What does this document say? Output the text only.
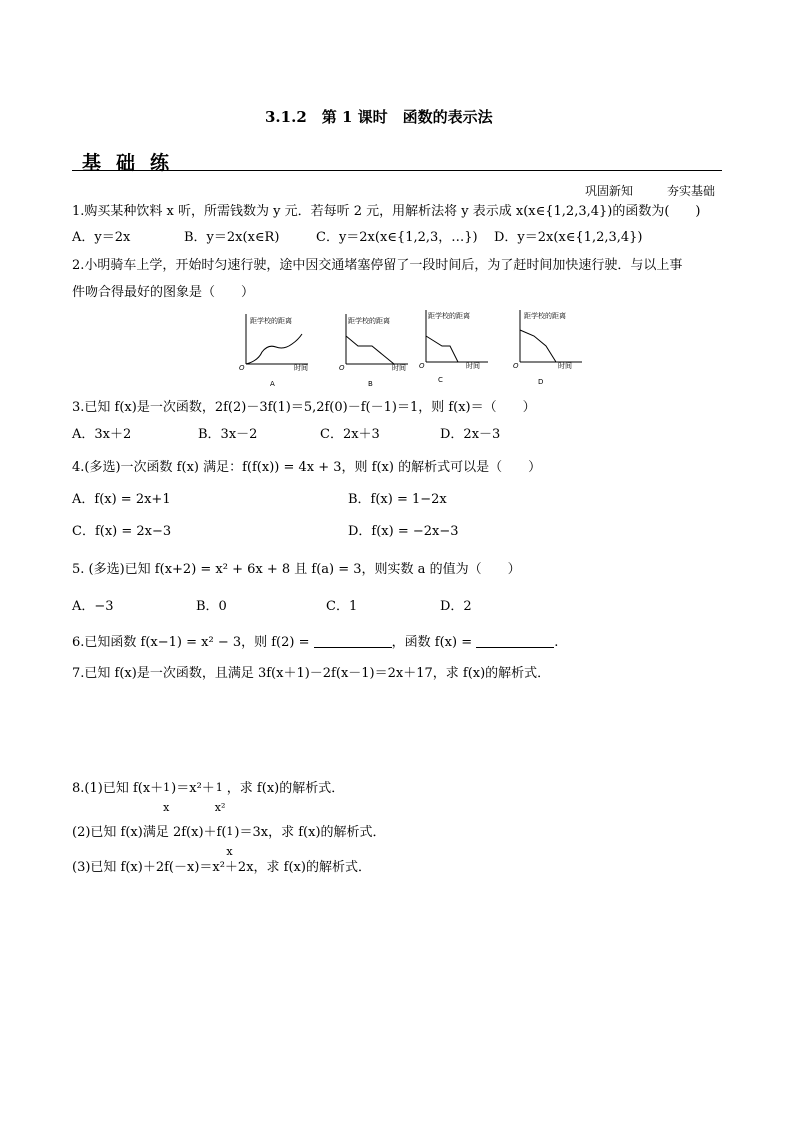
3.1.2　第 1 课时　函数的表示法
基础练
巩固新知	夯实基础
1.购买某种饮料 x 听，所需钱数为 y 元．若每听 2 元，用解析法将 y 表示成 x(x∈{1,2,3,4})的函数为(　　)
A．y＝2x	B．y＝2x(x∈R)	C．y＝2x(x∈{1,2,3，…}) D．y＝2x(x∈{1,2,3,4})
2.小明骑车上学，开始时匀速行驶，途中因交通堵塞停留了一段时间后，为了赶时间加快速行驶．与以上事
件吻合得最好的图象是（　　）
距学校的距离
O	时间
A
距学校的距离
O	时间
B
距学校的距离
O	时间
C
距学校的距离
O	时间
D
3.已知 f(x)是一次函数，2f(2)－3f(1)＝5,2f(0)－f(－1)＝1，则 f(x)＝（　　）
A．3x＋2	B．3x－2	C．2x＋3	D．2x－3
4.(多选)一次函数 f(x) 满足：f(f(x)) = 4x + 3，则 f(x) 的解析式可以是（　　）
A．f(x) = 2x+1	B．f(x) = 1−2x
C．f(x) = 2x−3	D．f(x) = −2x−3
5. (多选)已知 f(x+2) = x² + 6x + 8 且 f(a) = 3，则实数 a 的值为（　　）
A．−3	B．0	C．1	D．2
6.已知函数 f(x−1) = x² − 3，则 f(2) =	，函数 f(x) =	.
7.已知 f(x)是一次函数，且满足 3f(x＋1)－2f(x－1)＝2x＋17，求 f(x)的解析式．
8.(1)已知 f(x＋ 1
x
)＝x²＋ 1
x²
，求 f(x)的解析式．
(2)已知 f(x)满足 2f(x)＋f( 1
x
)＝3x，求 f(x)的解析式．
(3)已知 f(x)＋2f(－x)＝x²＋2x，求 f(x)的解析式．
